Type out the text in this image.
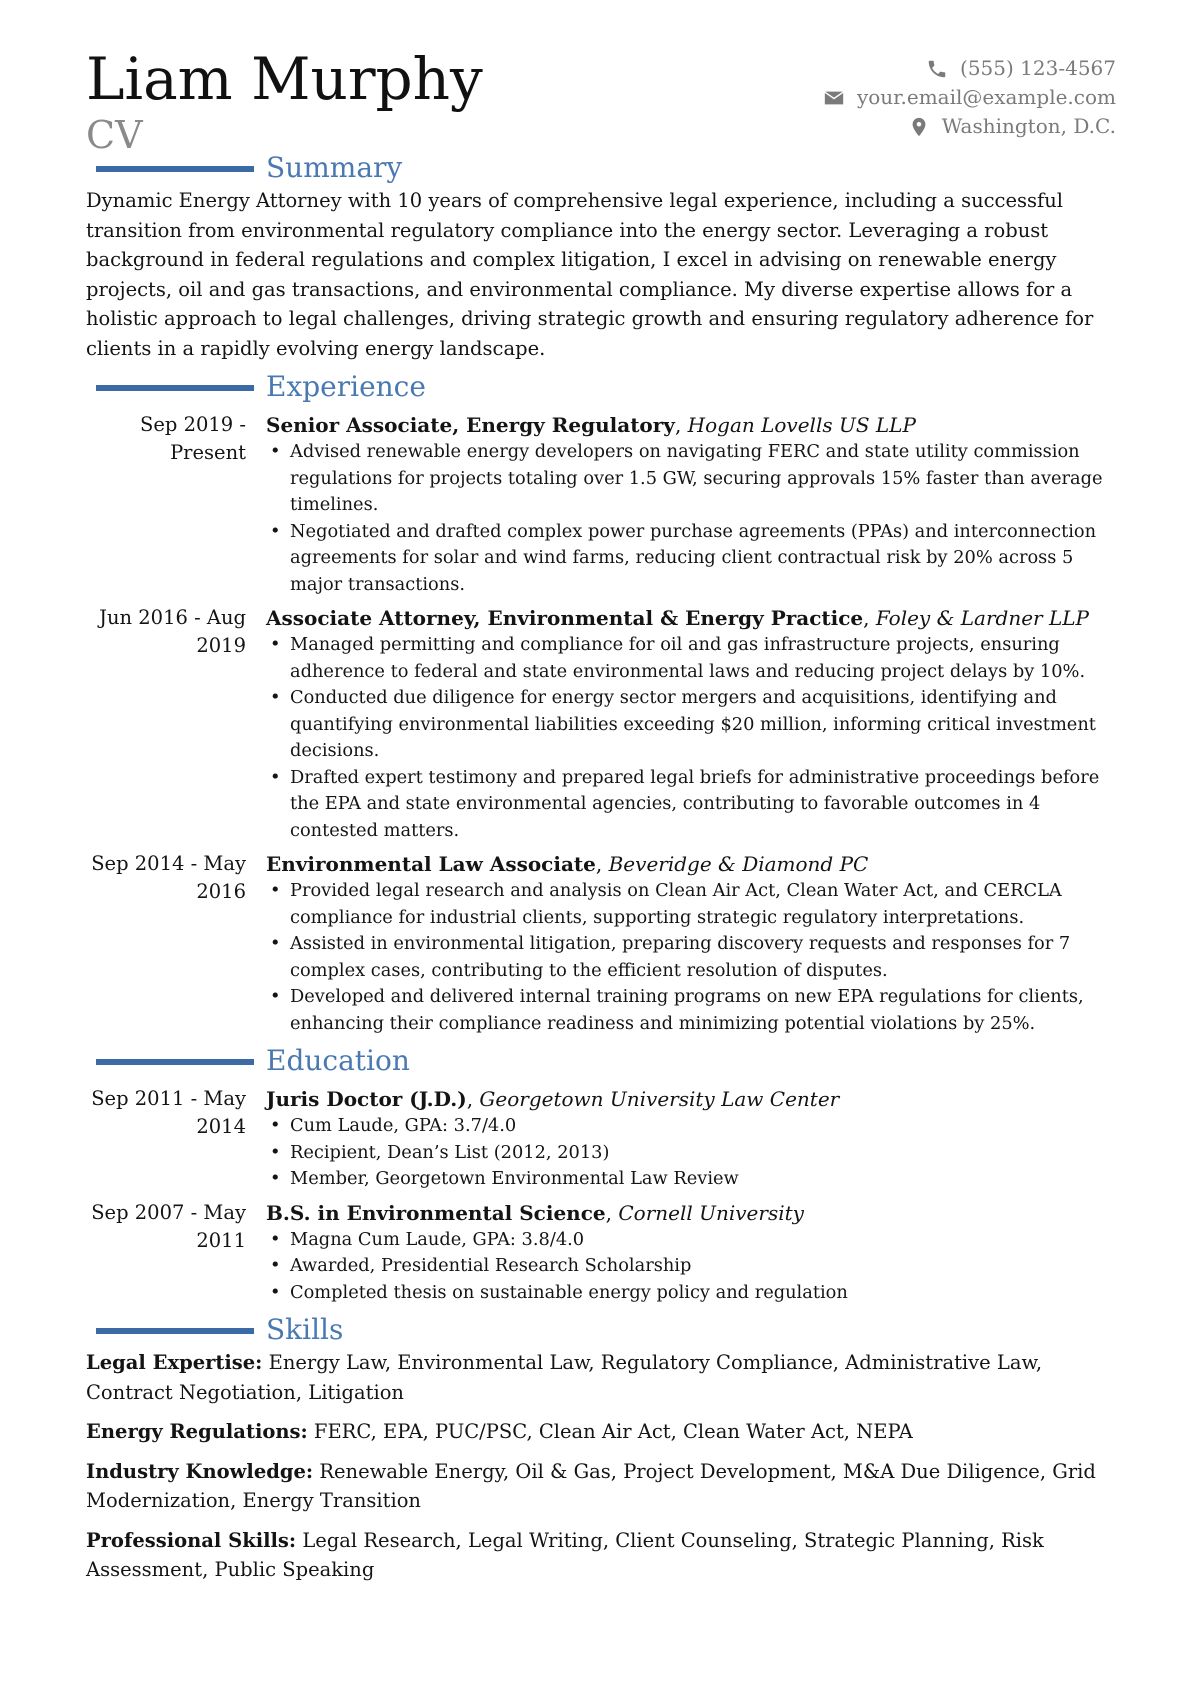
Liam Murphy
CV
(555) 123-4567
your.email@example.com
Washington, D.C.
Summary
Dynamic Energy Attorney with 10 years of comprehensive legal experience, including a successful transition from environmental regulatory compliance into the energy sector. Leveraging a robust background in federal regulations and complex litigation, I excel in advising on renewable energy projects, oil and gas transactions, and environmental compliance. My diverse expertise allows for a holistic approach to legal challenges, driving strategic growth and ensuring regulatory adherence for clients in a rapidly evolving energy landscape.
Experience
Sep 2019 - Present
Senior Associate, Energy Regulatory, Hogan Lovells US LLP
• Advised renewable energy developers on navigating FERC and state utility commission regulations for projects totaling over 1.5 GW, securing approvals 15% faster than average timelines.
• Negotiated and drafted complex power purchase agreements (PPAs) and interconnection agreements for solar and wind farms, reducing client contractual risk by 20% across 5 major transactions.
Jun 2016 - Aug 2019
Associate Attorney, Environmental & Energy Practice, Foley & Lardner LLP
• Managed permitting and compliance for oil and gas infrastructure projects, ensuring adherence to federal and state environmental laws and reducing project delays by 10%.
• Conducted due diligence for energy sector mergers and acquisitions, identifying and quantifying environmental liabilities exceeding $20 million, informing critical investment decisions.
• Drafted expert testimony and prepared legal briefs for administrative proceedings before the EPA and state environmental agencies, contributing to favorable outcomes in 4 contested matters.
Sep 2014 - May 2016
Environmental Law Associate, Beveridge & Diamond PC
• Provided legal research and analysis on Clean Air Act, Clean Water Act, and CERCLA compliance for industrial clients, supporting strategic regulatory interpretations.
• Assisted in environmental litigation, preparing discovery requests and responses for 7 complex cases, contributing to the efficient resolution of disputes.
• Developed and delivered internal training programs on new EPA regulations for clients, enhancing their compliance readiness and minimizing potential violations by 25%.
Education
Sep 2011 - May 2014
Juris Doctor (J.D.), Georgetown University Law Center
• Cum Laude, GPA: 3.7/4.0
• Recipient, Dean’s List (2012, 2013)
• Member, Georgetown Environmental Law Review
Sep 2007 - May 2011
B.S. in Environmental Science, Cornell University
• Magna Cum Laude, GPA: 3.8/4.0
• Awarded, Presidential Research Scholarship
• Completed thesis on sustainable energy policy and regulation
Skills
Legal Expertise: Energy Law, Environmental Law, Regulatory Compliance, Administrative Law, Contract Negotiation, Litigation
Energy Regulations: FERC, EPA, PUC/PSC, Clean Air Act, Clean Water Act, NEPA
Industry Knowledge: Renewable Energy, Oil & Gas, Project Development, M&A Due Diligence, Grid Modernization, Energy Transition
Professional Skills: Legal Research, Legal Writing, Client Counseling, Strategic Planning, Risk Assessment, Public Speaking
